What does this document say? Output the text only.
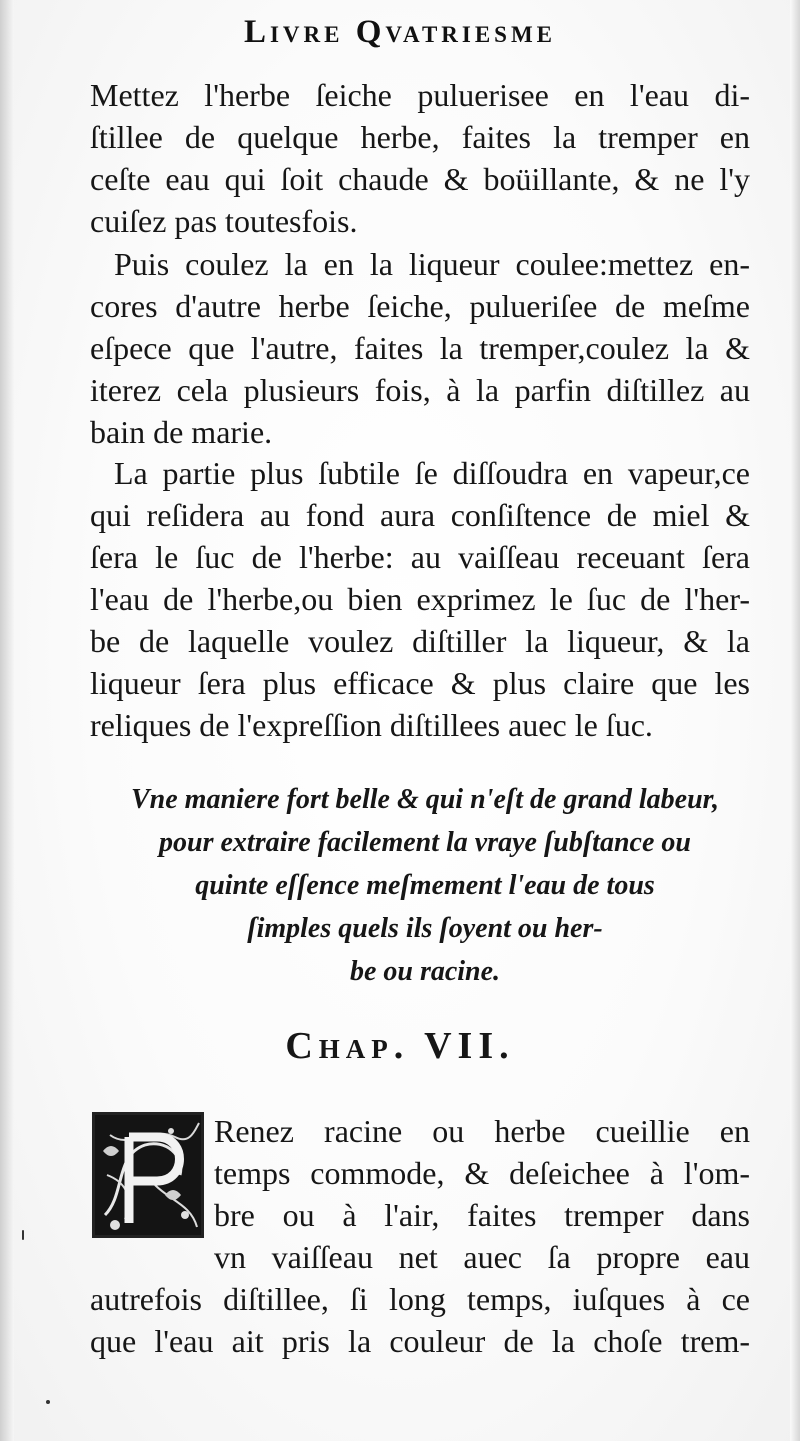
Livre Qvatriesme
Mettez l'herbe ſeiche puluerisee en l'eau di-
ſtillee de quelque herbe, faites la tremper en
ceſte eau qui ſoit chaude & boüillante, & ne l'y
cuiſez pas toutesfois.
Puis coulez la en la liqueur coulee:mettez en-
cores d'autre herbe ſeiche, pulueriſee de meſme
eſpece que l'autre, faites la tremper,coulez la &
iterez cela plusieurs fois, à la parfin diſtillez au
bain de marie.
La partie plus ſubtile ſe diſſoudra en vapeur,ce
qui reſidera au fond aura conſiſtence de miel &
ſera le ſuc de l'herbe: au vaiſſeau receuant ſera
l'eau de l'herbe,ou bien exprimez le ſuc de l'her-
be de laquelle voulez diſtiller la liqueur, & la
liqueur ſera plus efficace & plus claire que les
reliques de l'expreſſion diſtillees auec le ſuc.
Vne maniere fort belle & qui n'eſt de grand labeur,
pour extraire facilement la vraye ſubſtance ou
quinte eſſence meſmement l'eau de tous
ſimples quels ils ſoyent ou her-
be ou racine.
Chap. VII.
Renez racine ou herbe cueillie en
temps commode, & deſeichee à l'om-
bre ou à l'air, faites tremper dans
vn vaiſſeau net auec ſa propre eau
autrefois diſtillee, ſi long temps, iuſques à ce
que l'eau ait pris la couleur de la choſe trem-
